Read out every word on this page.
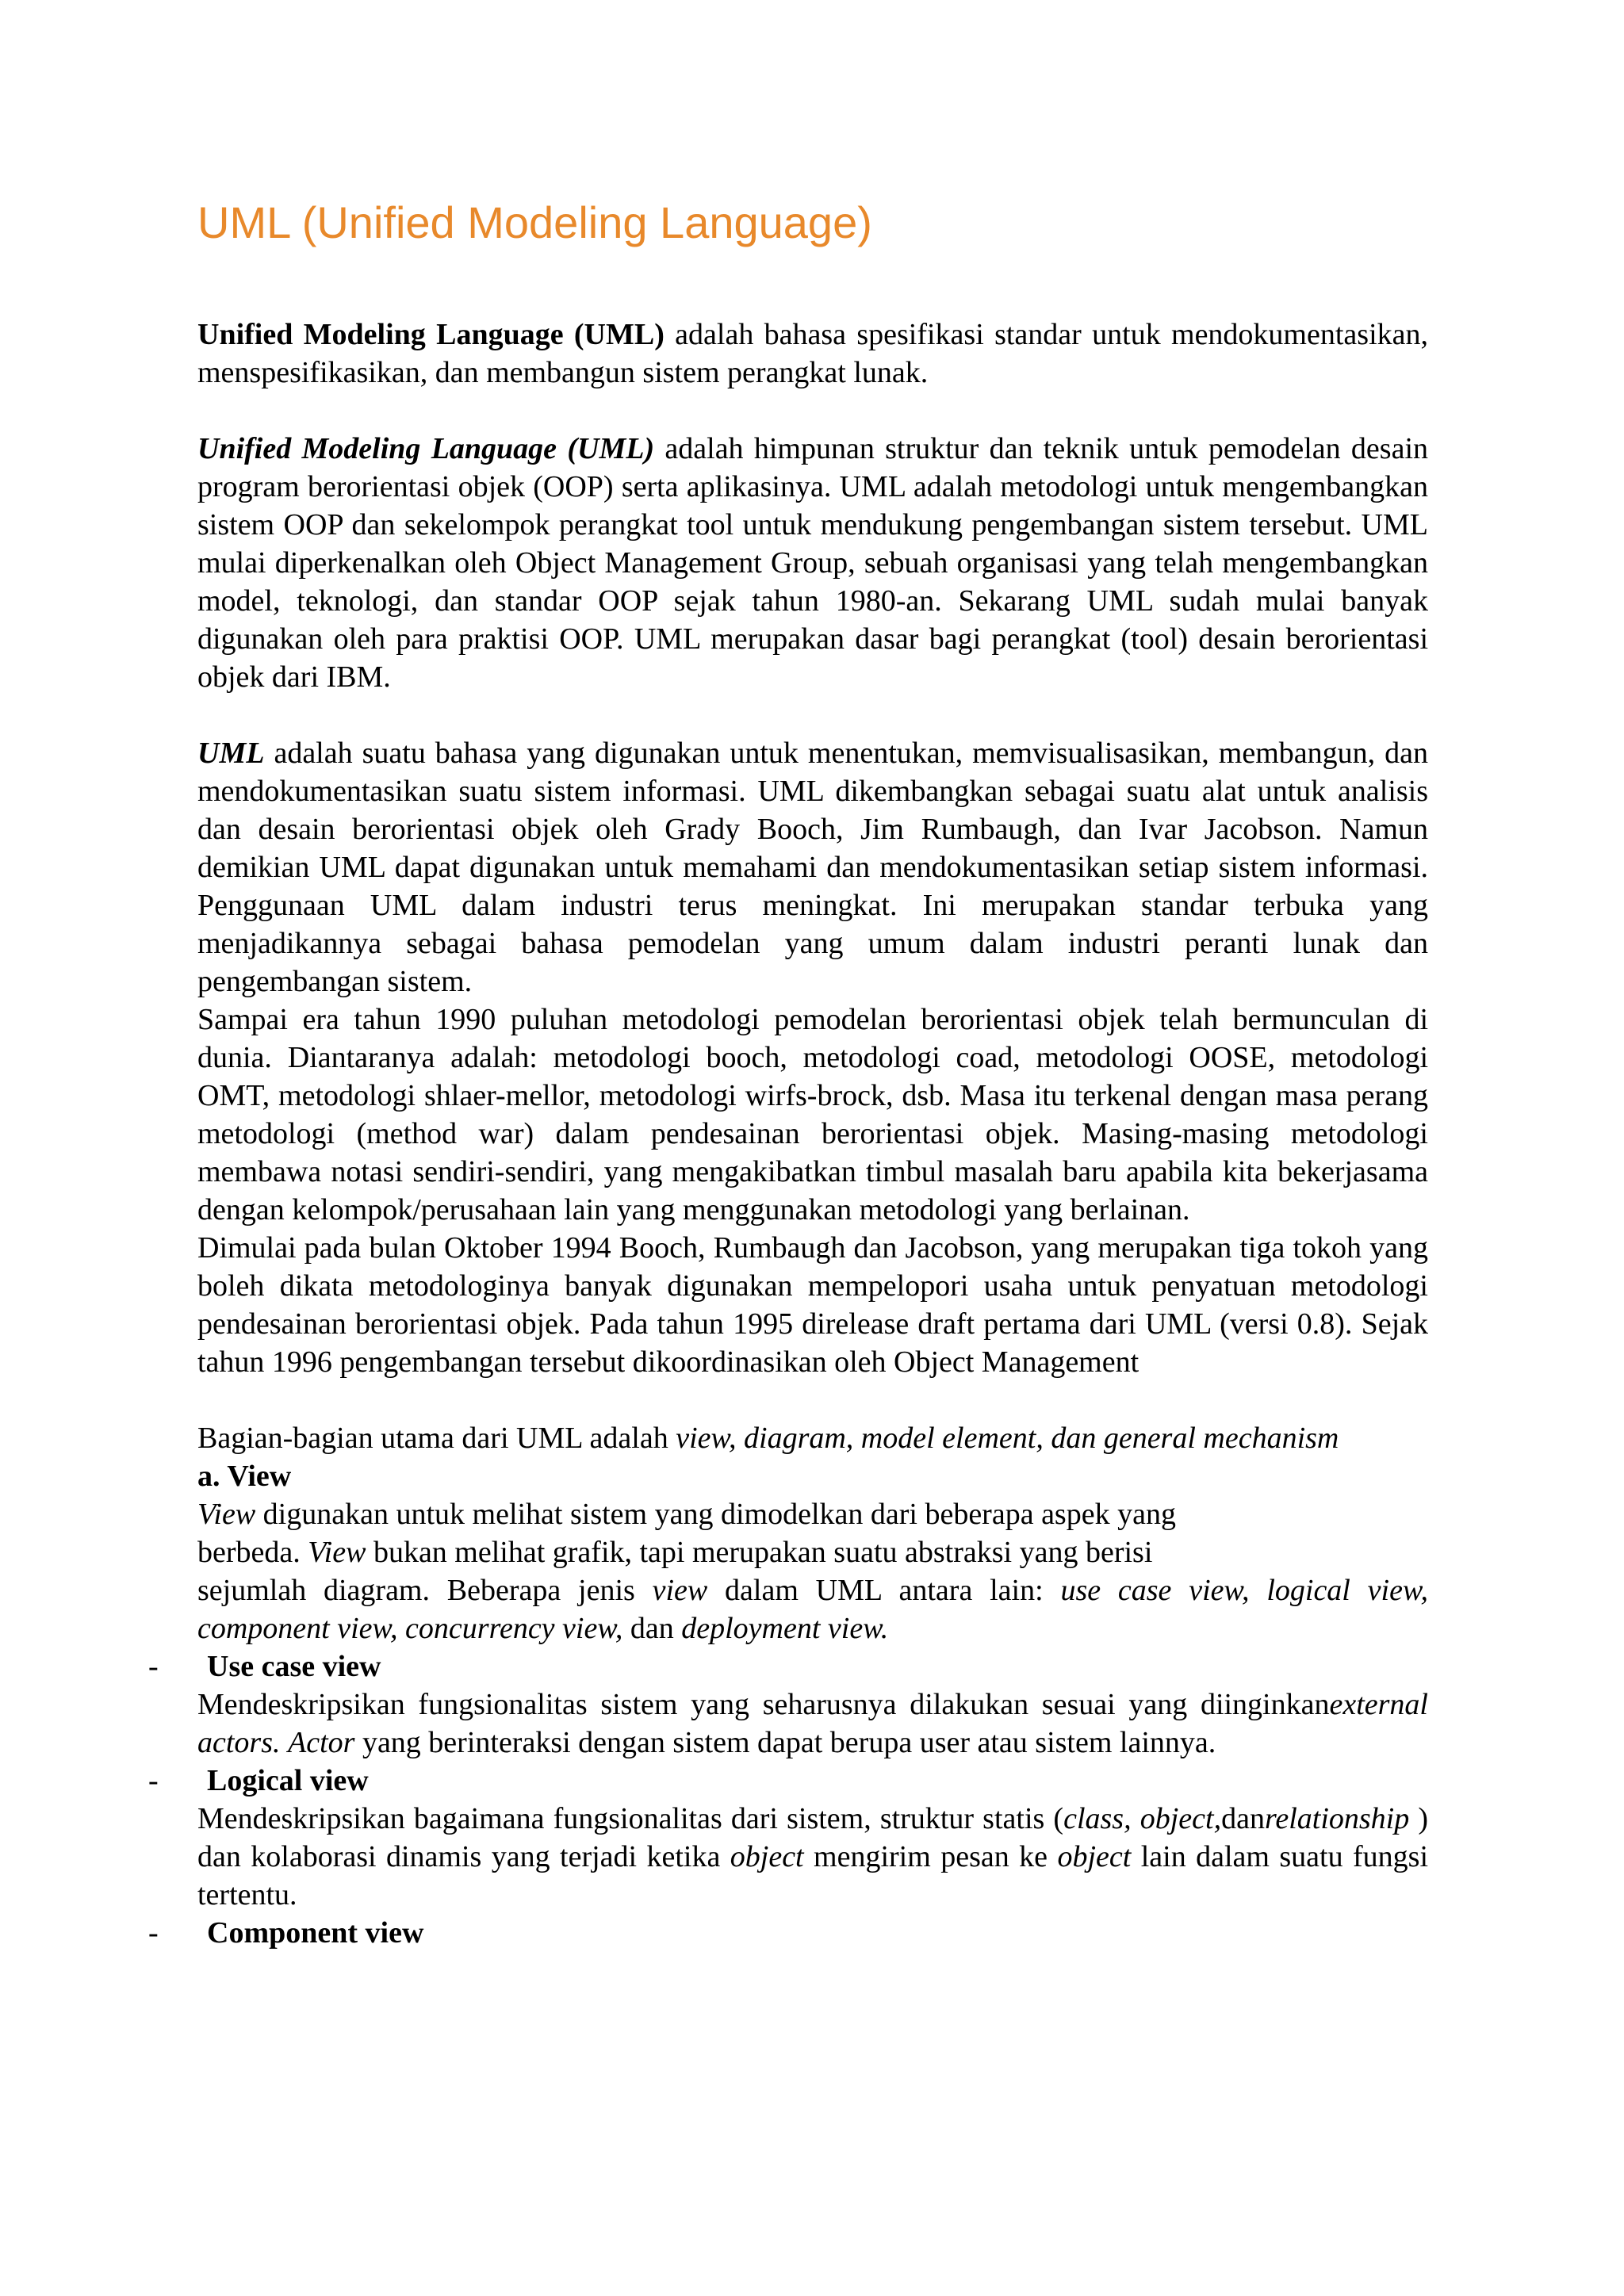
UML (Unified Modeling Language)

Unified Modeling Language (UML) adalah bahasa spesifikasi standar untuk mendokumentasikan, menspesifikasikan, dan membangun sistem perangkat lunak.

Unified Modeling Language (UML) adalah himpunan struktur dan teknik untuk pemodelan desain program berorientasi objek (OOP) serta aplikasinya. UML adalah metodologi untuk mengembangkan sistem OOP dan sekelompok perangkat tool untuk mendukung pengembangan sistem tersebut. UML mulai diperkenalkan oleh Object Management Group, sebuah organisasi yang telah mengembangkan model, teknologi, dan standar OOP sejak tahun 1980-an. Sekarang UML sudah mulai banyak digunakan oleh para praktisi OOP. UML merupakan dasar bagi perangkat (tool) desain berorientasi objek dari IBM.

UML adalah suatu bahasa yang digunakan untuk menentukan, memvisualisasikan, membangun, dan mendokumentasikan suatu sistem informasi. UML dikembangkan sebagai suatu alat untuk analisis dan desain berorientasi objek oleh Grady Booch, Jim Rumbaugh, dan Ivar Jacobson. Namun demikian UML dapat digunakan untuk memahami dan mendokumentasikan setiap sistem informasi. Penggunaan UML dalam industri terus meningkat. Ini merupakan standar terbuka yang menjadikannya sebagai bahasa pemodelan yang umum dalam industri peranti lunak dan pengembangan sistem.

Sampai era tahun 1990 puluhan metodologi pemodelan berorientasi objek telah bermunculan di dunia. Diantaranya adalah: metodologi booch, metodologi coad, metodologi OOSE, metodologi OMT, metodologi shlaer-mellor, metodologi wirfs-brock, dsb. Masa itu terkenal dengan masa perang metodologi (method war) dalam pendesainan berorientasi objek. Masing-masing metodologi membawa notasi sendiri-sendiri, yang mengakibatkan timbul masalah baru apabila kita bekerjasama dengan kelompok/perusahaan lain yang menggunakan metodologi yang berlainan.

Dimulai pada bulan Oktober 1994 Booch, Rumbaugh dan Jacobson, yang merupakan tiga tokoh yang boleh dikata metodologinya banyak digunakan mempelopori usaha untuk penyatuan metodologi pendesainan berorientasi objek. Pada tahun 1995 direlease draft pertama dari UML (versi 0.8). Sejak tahun 1996 pengembangan tersebut dikoordinasikan oleh Object Management

Bagian-bagian utama dari UML adalah view, diagram, model element, dan general mechanism

a. View

View digunakan untuk melihat sistem yang dimodelkan dari beberapa aspek yang

berbeda. View bukan melihat grafik, tapi merupakan suatu abstraksi yang berisi

sejumlah diagram. Beberapa jenis view dalam UML antara lain: use case view, logical view, component view, concurrency view, dan deployment view.

-	Use case view

Mendeskripsikan fungsionalitas sistem yang seharusnya dilakukan sesuai yang diinginkanexternal actors. Actor yang berinteraksi dengan sistem dapat berupa user atau sistem lainnya.

-	Logical view

Mendeskripsikan bagaimana fungsionalitas dari sistem, struktur statis (class, object,danrelationship ) dan kolaborasi dinamis yang terjadi ketika object mengirim pesan ke object lain dalam suatu fungsi tertentu.

-	Component view
